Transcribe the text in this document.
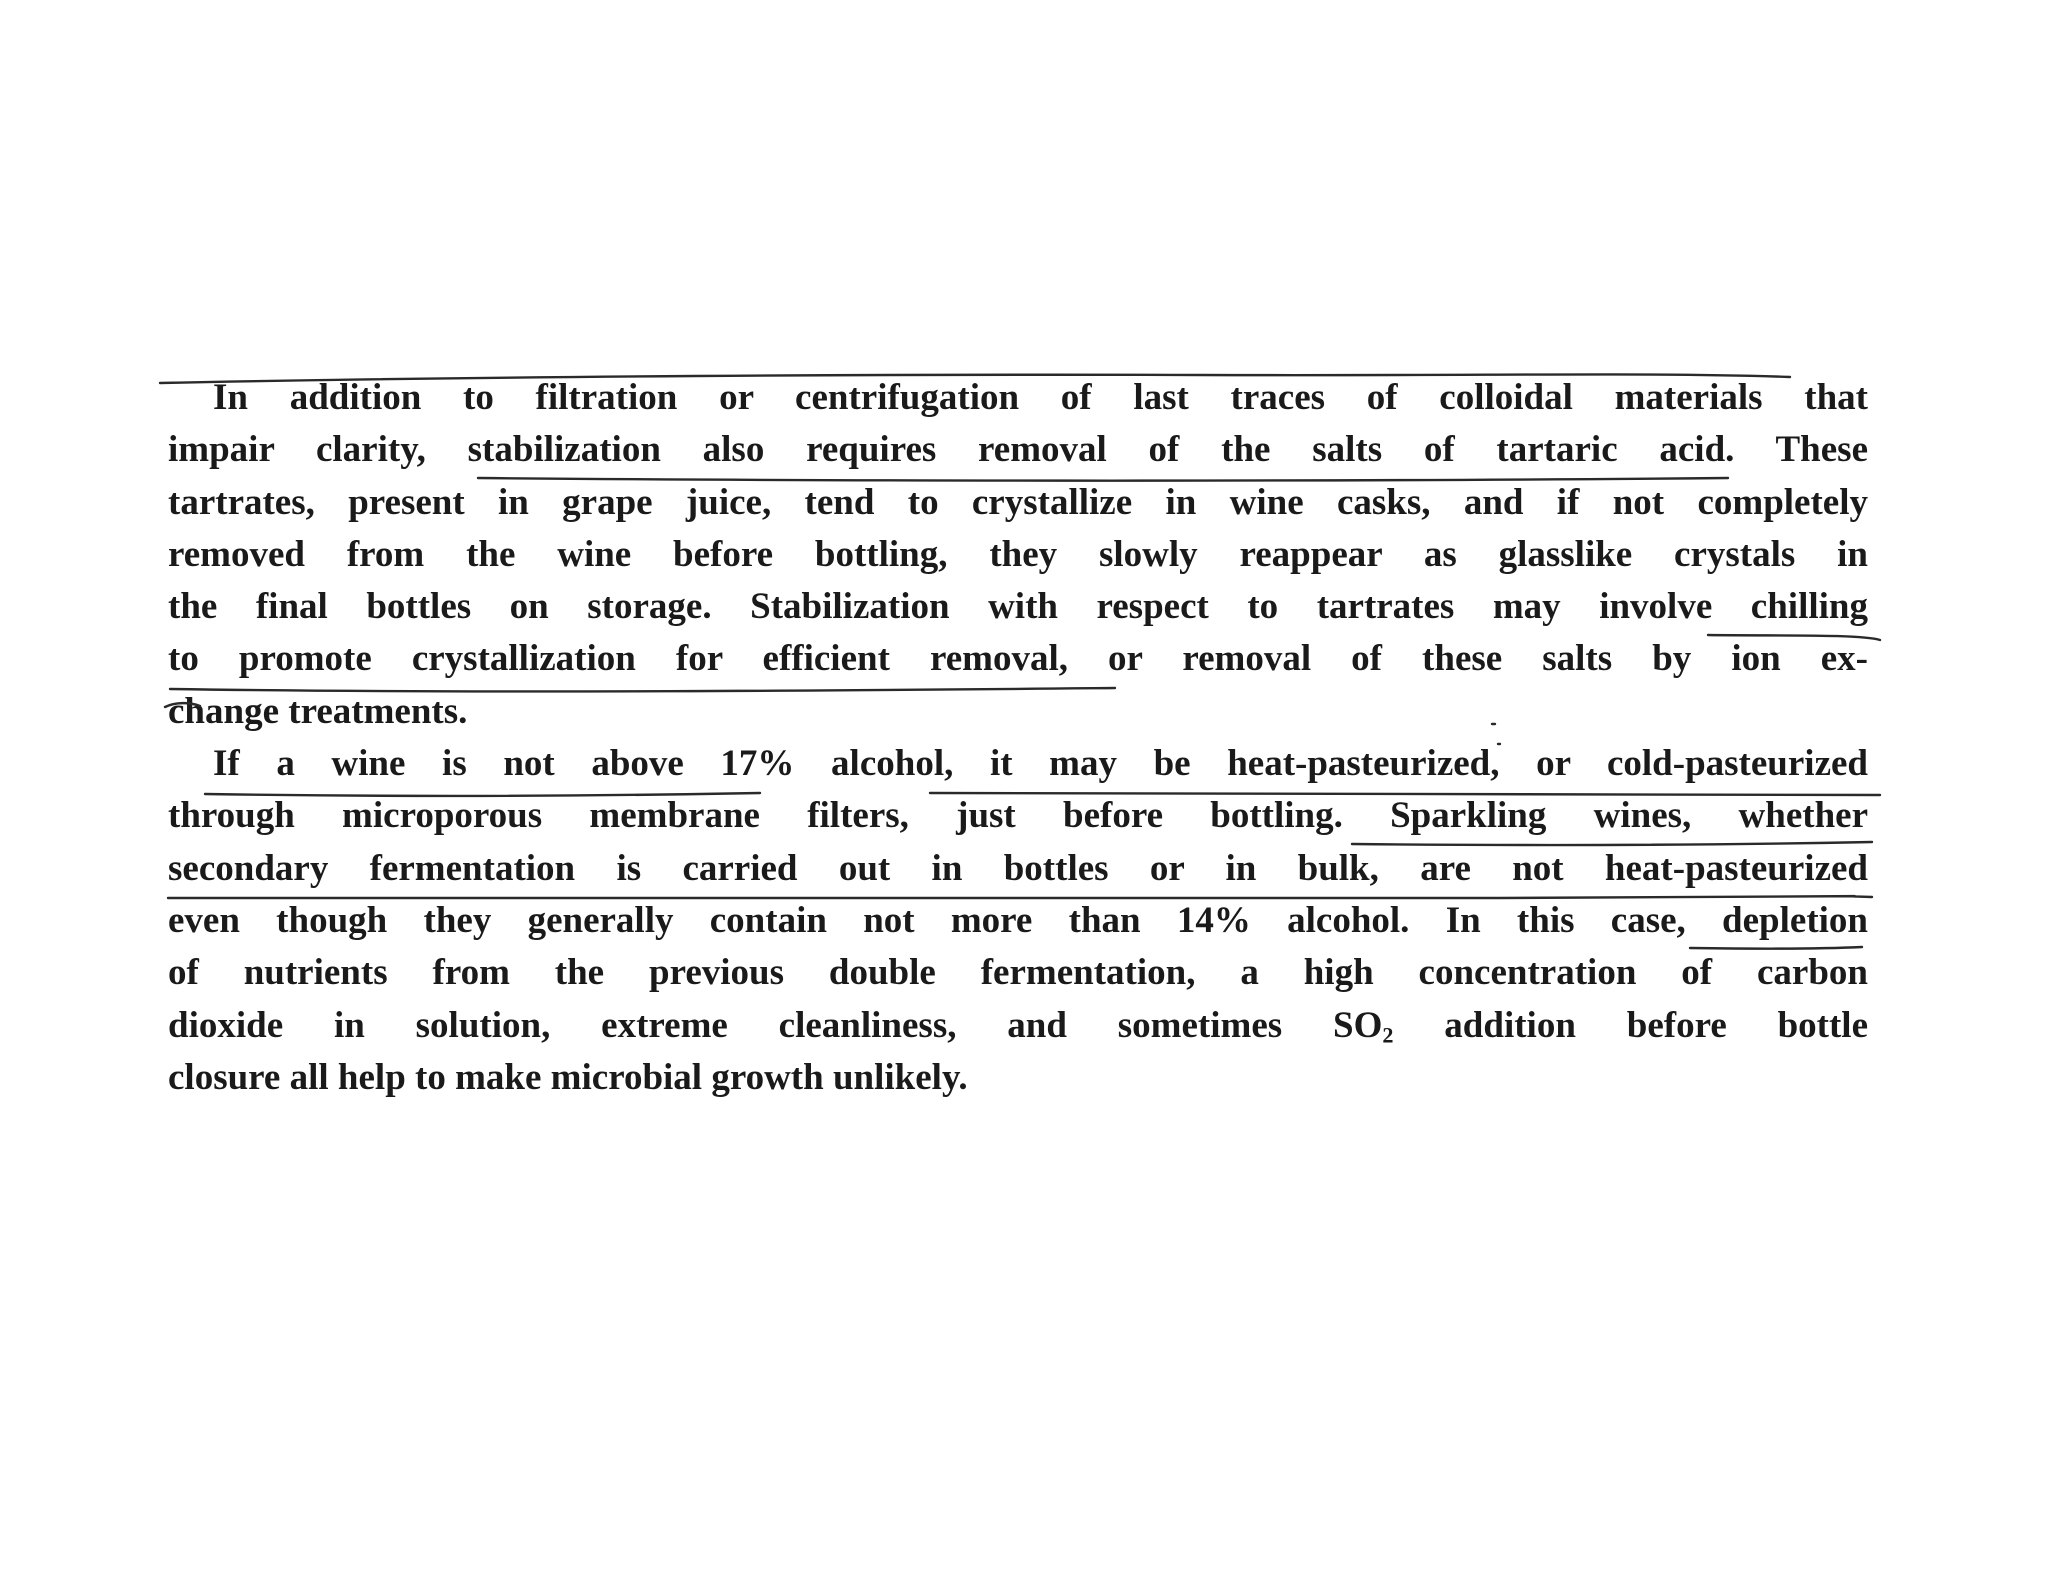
In addition to filtration or centrifugation of last traces of colloidal materials that
impair clarity, stabilization also requires removal of the salts of tartaric acid. These
tartrates, present in grape juice, tend to crystallize in wine casks, and if not completely
removed from the wine before bottling, they slowly reappear as glasslike crystals in
the final bottles on storage. Stabilization with respect to tartrates may involve chilling
to promote crystallization for efficient removal, or removal of these salts by ion ex-
change treatments.
If a wine is not above 17% alcohol, it may be heat-pasteurized, or cold-pasteurized
through microporous membrane filters, just before bottling. Sparkling wines, whether
secondary fermentation is carried out in bottles or in bulk, are not heat-pasteurized
even though they generally contain not more than 14% alcohol. In this case, depletion
of nutrients from the previous double fermentation, a high concentration of carbon
dioxide in solution, extreme cleanliness, and sometimes $SO_2$ addition before bottle
closure all help to make microbial growth unlikely.
